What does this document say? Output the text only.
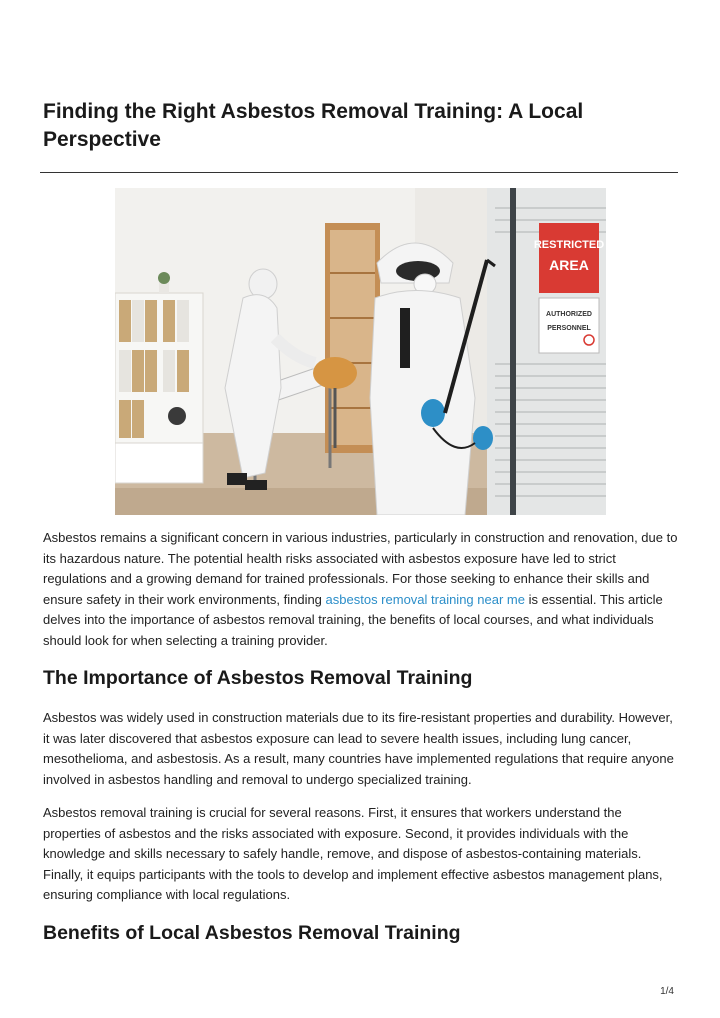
Finding the Right Asbestos Removal Training: A Local Perspective
RESTRICTED
AREA
AUTHORIZED
PERSONNEL

Asbestos remains a significant concern in various industries, particularly in construction and renovation, due to its hazardous nature. The potential health risks associated with asbestos exposure have led to strict regulations and a growing demand for trained professionals. For those seeking to enhance their skills and ensure safety in their work environments, finding asbestos removal training near me is essential. This article delves into the importance of asbestos removal training, the benefits of local courses, and what individuals should look for when selecting a training provider.

The Importance of Asbestos Removal Training

Asbestos was widely used in construction materials due to its fire-resistant properties and durability. However, it was later discovered that asbestos exposure can lead to severe health issues, including lung cancer, mesothelioma, and asbestosis. As a result, many countries have implemented regulations that require anyone involved in asbestos handling and removal to undergo specialized training.

Asbestos removal training is crucial for several reasons. First, it ensures that workers understand the properties of asbestos and the risks associated with exposure. Second, it provides individuals with the knowledge and skills necessary to safely handle, remove, and dispose of asbestos-containing materials. Finally, it equips participants with the tools to develop and implement effective asbestos management plans, ensuring compliance with local regulations.

Benefits of Local Asbestos Removal Training
1/4
